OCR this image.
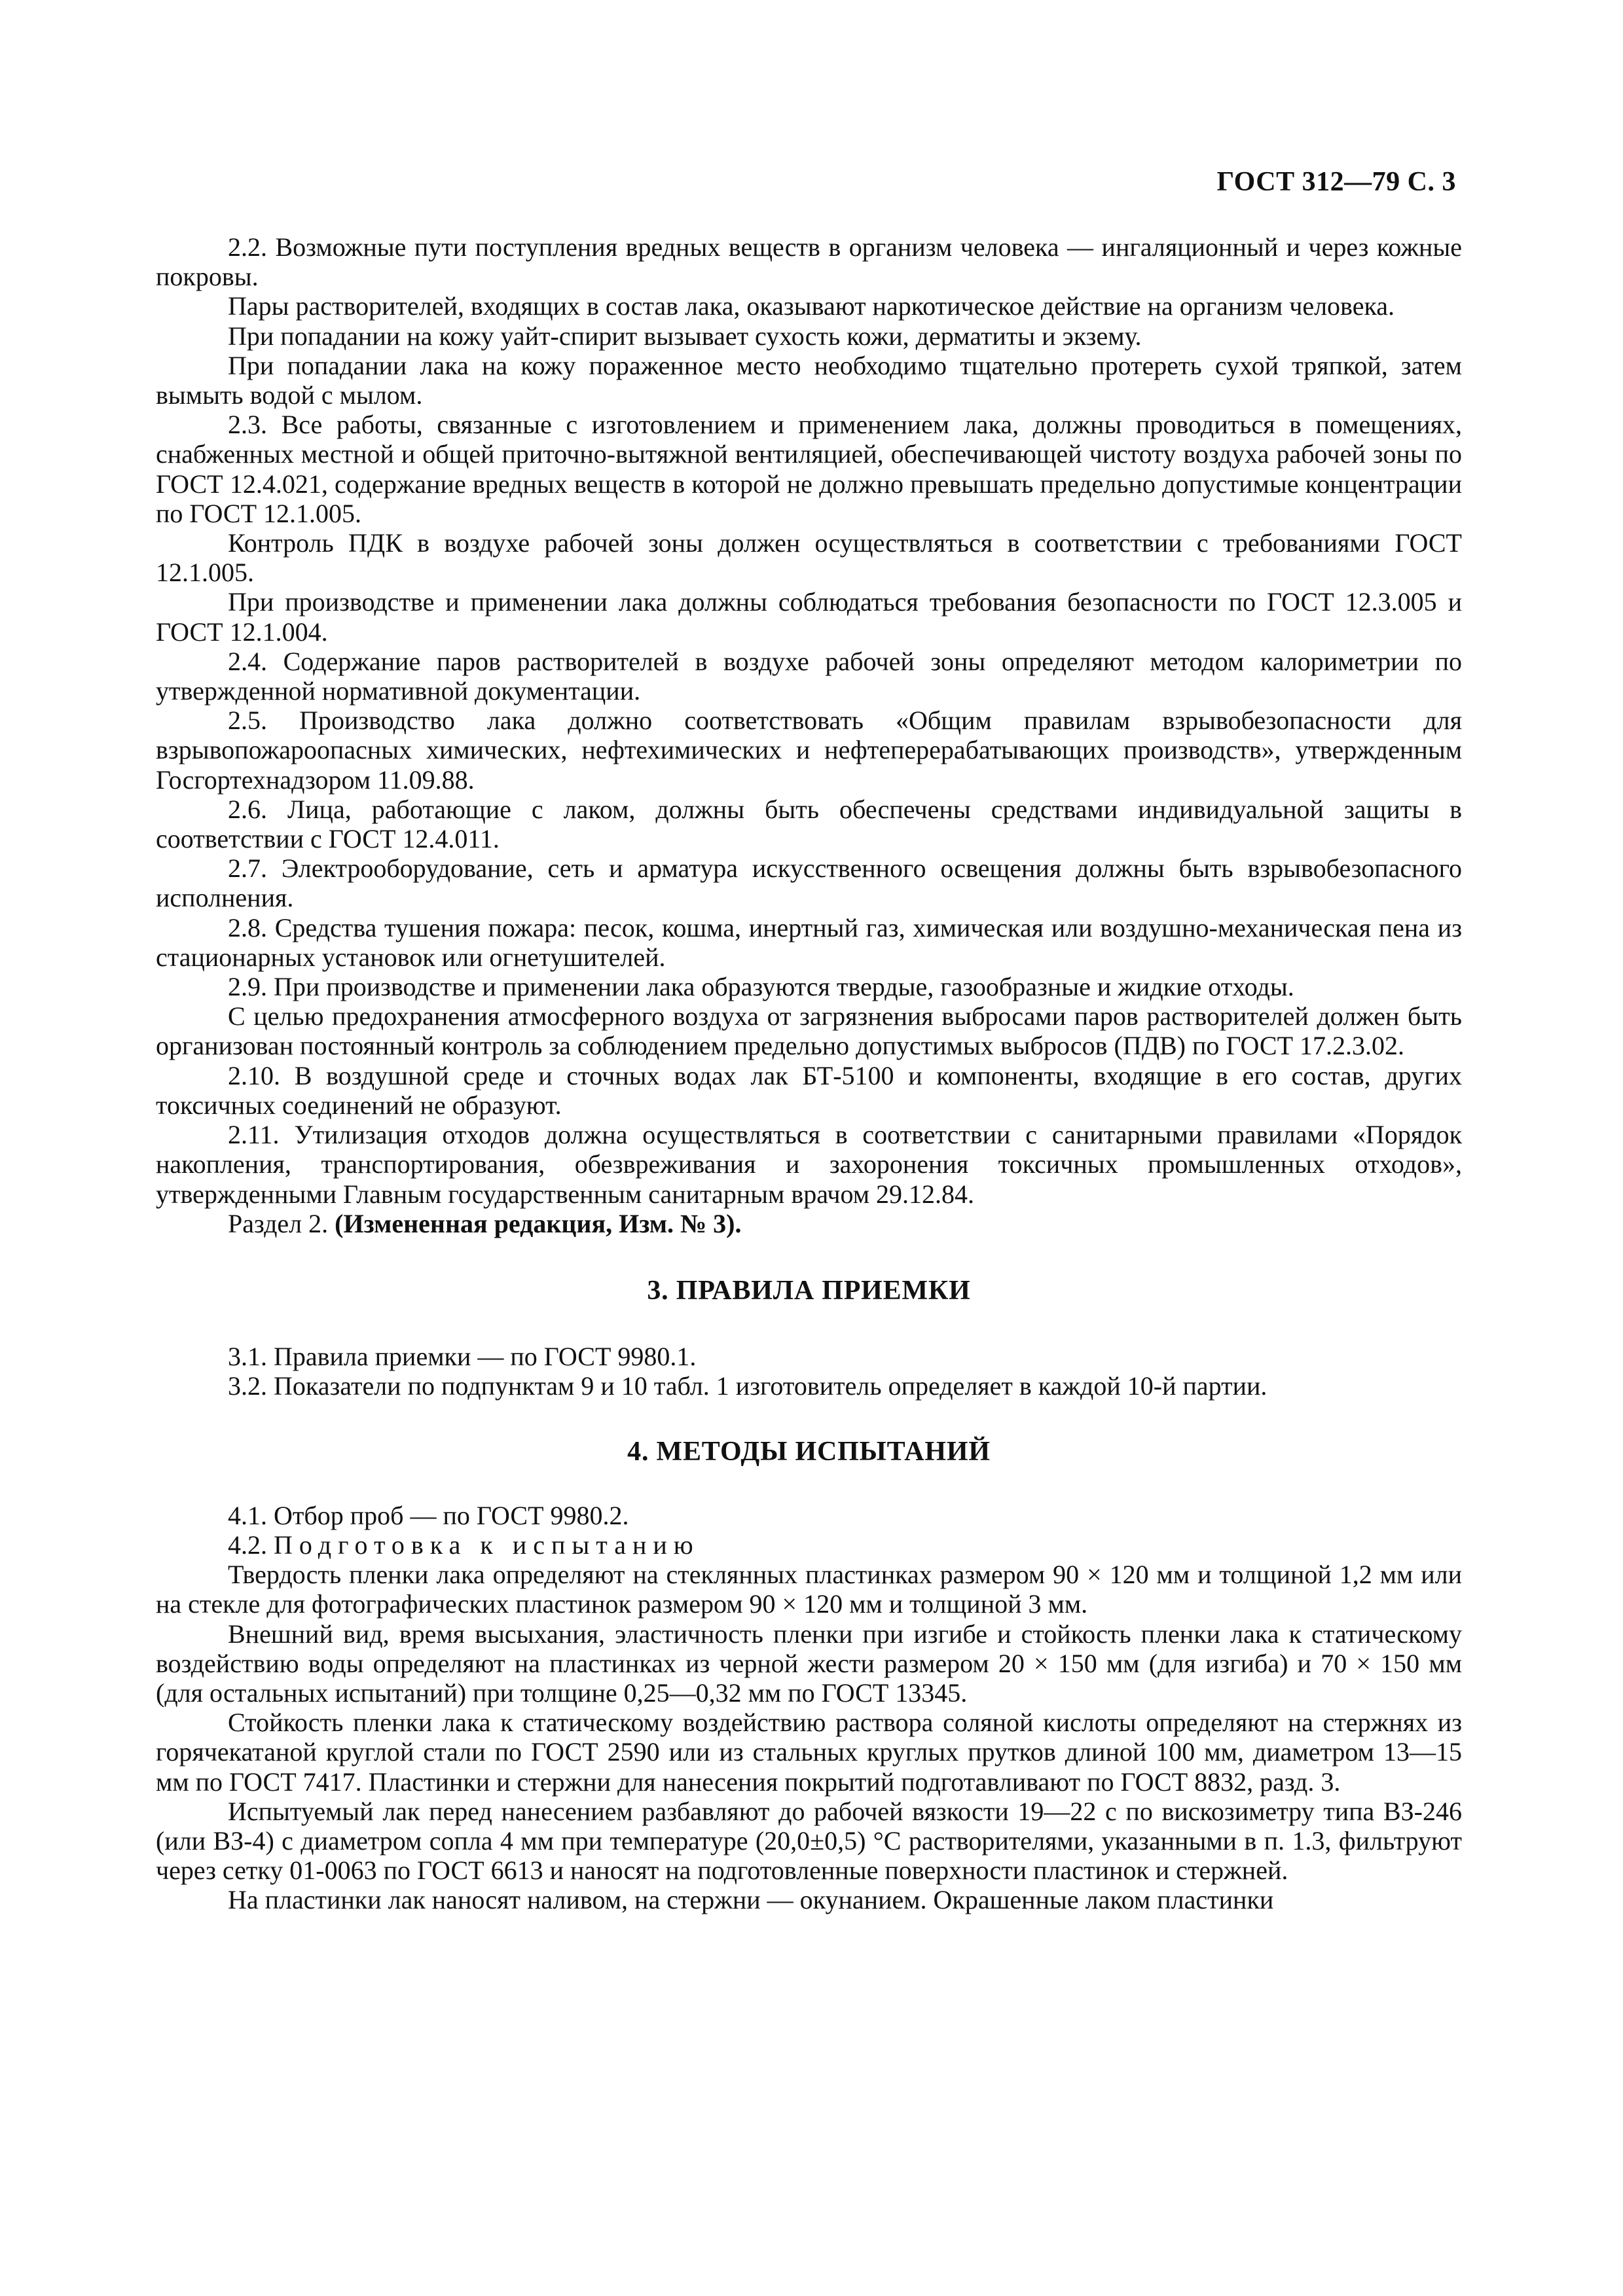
ГОСТ 312—79 С. 3

2.2. Возможные пути поступления вредных веществ в организм человека — ингаляционный и через кожные покровы.

Пары растворителей, входящих в состав лака, оказывают наркотическое действие на организм человека.

При попадании на кожу уайт-спирит вызывает сухость кожи, дерматиты и экзему.

При попадании лака на кожу пораженное место необходимо тщательно протереть сухой тряпкой, затем вымыть водой с мылом.

2.3. Все работы, связанные с изготовлением и применением лака, должны проводиться в помещениях, снабженных местной и общей приточно-вытяжной вентиляцией, обеспечивающей чистоту воздуха рабочей зоны по ГОСТ 12.4.021, содержание вредных веществ в которой не должно превышать предельно допустимые концентрации по ГОСТ 12.1.005.

Контроль ПДК в воздухе рабочей зоны должен осуществляться в соответствии с требованиями ГОСТ 12.1.005.

При производстве и применении лака должны соблюдаться требования безопасности по ГОСТ 12.3.005 и ГОСТ 12.1.004.

2.4. Содержание паров растворителей в воздухе рабочей зоны определяют методом калориметрии по утвержденной нормативной документации.

2.5. Производство лака должно соответствовать «Общим правилам взрывобезопасности для взрывопожароопасных химических, нефтехимических и нефтеперерабатывающих производств», утвержденным Госгортехнадзором 11.09.88.

2.6. Лица, работающие с лаком, должны быть обеспечены средствами индивидуальной защиты в соответствии с ГОСТ 12.4.011.

2.7. Электрооборудование, сеть и арматура искусственного освещения должны быть взрывобезопасного исполнения.

2.8. Средства тушения пожара: песок, кошма, инертный газ, химическая или воздушно-механическая пена из стационарных установок или огнетушителей.

2.9. При производстве и применении лака образуются твердые, газообразные и жидкие отходы.

С целью предохранения атмосферного воздуха от загрязнения выбросами паров растворителей должен быть организован постоянный контроль за соблюдением предельно допустимых выбросов (ПДВ) по ГОСТ 17.2.3.02.

2.10. В воздушной среде и сточных водах лак БТ-5100 и компоненты, входящие в его состав, других токсичных соединений не образуют.

2.11. Утилизация отходов должна осуществляться в соответствии с санитарными правилами «Порядок накопления, транспортирования, обезвреживания и захоронения токсичных промышленных отходов», утвержденными Главным государственным санитарным врачом 29.12.84.

Раздел 2. (Измененная редакция, Изм. № 3).

3. ПРАВИЛА ПРИЕМКИ

3.1. Правила приемки — по ГОСТ 9980.1.

3.2. Показатели по подпунктам 9 и 10 табл. 1 изготовитель определяет в каждой 10-й партии.

4. МЕТОДЫ ИСПЫТАНИЙ

4.1. Отбор проб — по ГОСТ 9980.2.

4.2. Подготовка к испытанию

Твердость пленки лака определяют на стеклянных пластинках размером 90 × 120 мм и толщиной 1,2 мм или на стекле для фотографических пластинок размером 90 × 120 мм и толщиной 3 мм.

Внешний вид, время высыхания, эластичность пленки при изгибе и стойкость пленки лака к статическому воздействию воды определяют на пластинках из черной жести размером 20 × 150 мм (для изгиба) и 70 × 150 мм (для остальных испытаний) при толщине 0,25—0,32 мм по ГОСТ 13345.

Стойкость пленки лака к статическому воздействию раствора соляной кислоты определяют на стержнях из горячекатаной круглой стали по ГОСТ 2590 или из стальных круглых прутков длиной 100 мм, диаметром 13—15 мм по ГОСТ 7417. Пластинки и стержни для нанесения покрытий подготавливают по ГОСТ 8832, разд. 3.

Испытуемый лак перед нанесением разбавляют до рабочей вязкости 19—22 с по вискозиметру типа ВЗ-246 (или ВЗ-4) с диаметром сопла 4 мм при температуре (20,0±0,5) °С растворителями, указанными в п. 1.3, фильтруют через сетку 01-0063 по ГОСТ 6613 и наносят на подготовленные поверхности пластинок и стержней.

На пластинки лак наносят наливом, на стержни — окунанием. Окрашенные лаком пластинки
